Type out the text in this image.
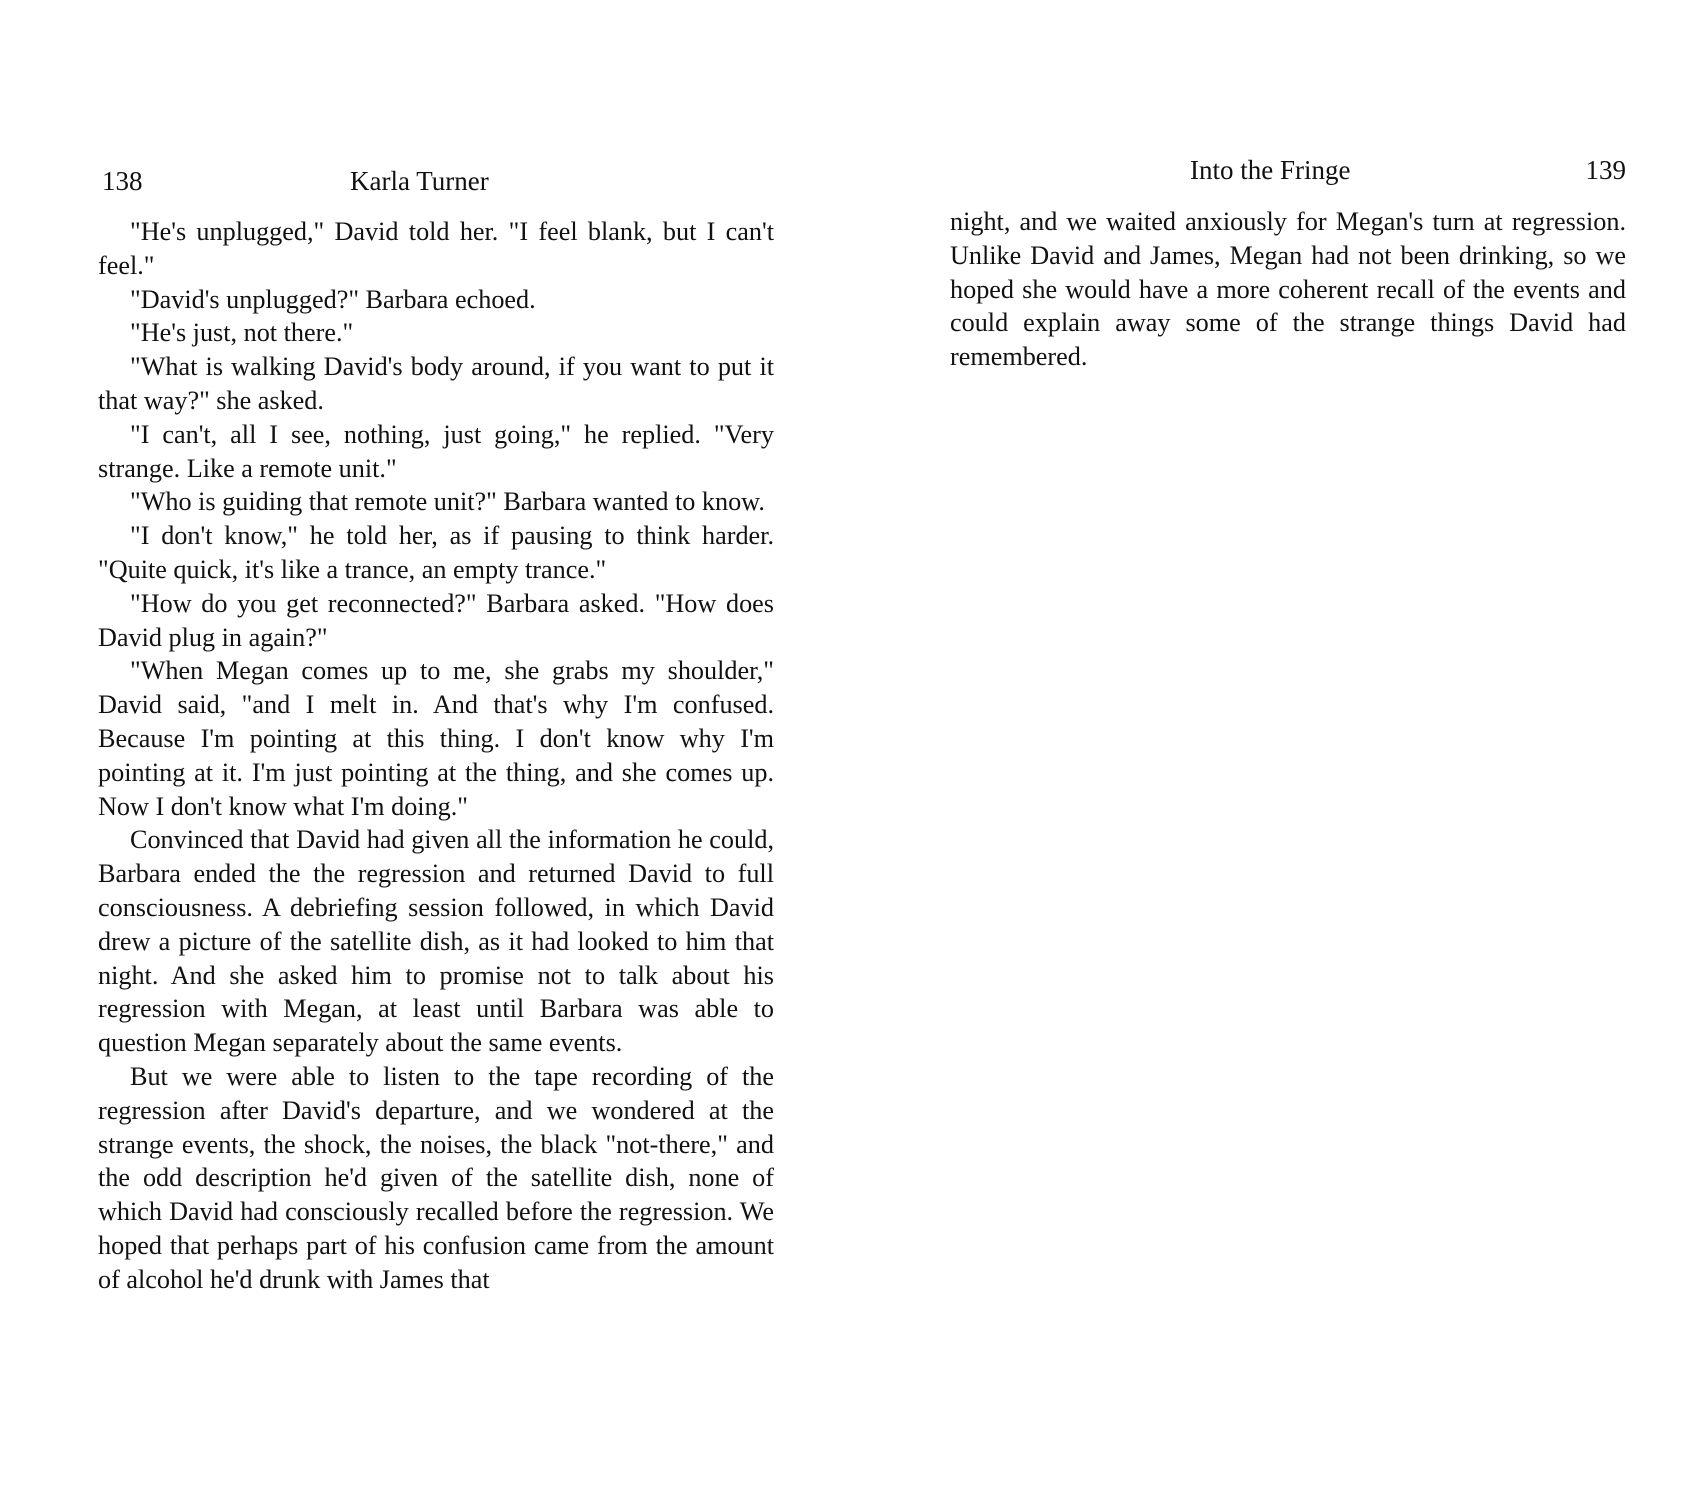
138	Karla Turner

"He's unplugged," David told her. "I feel blank, but I can't feel."

"David's unplugged?" Barbara echoed.

"He's just, not there."

"What is walking David's body around, if you want to put it that way?" she asked.

"I can't, all I see, nothing, just going," he replied. "Very strange. Like a remote unit."

"Who is guiding that remote unit?" Barbara wanted to know.

"I don't know," he told her, as if pausing to think harder. "Quite quick, it's like a trance, an empty trance."

"How do you get reconnected?" Barbara asked. "How does David plug in again?"

"When Megan comes up to me, she grabs my shoulder," David said, "and I melt in. And that's why I'm confused. Because I'm pointing at this thing. I don't know why I'm pointing at it. I'm just pointing at the thing, and she comes up. Now I don't know what I'm doing."

Convinced that David had given all the information he could, Barbara ended the the regression and returned David to full consciousness. A debriefing session followed, in which David drew a picture of the satellite dish, as it had looked to him that night. And she asked him to promise not to talk about his regression with Megan, at least until Barbara was able to question Megan separately about the same events.

But we were able to listen to the tape recording of the regression after David's departure, and we wondered at the strange events, the shock, the noises, the black "not-there," and the odd description he'd given of the satellite dish, none of which David had consciously recalled before the regression. We hoped that perhaps part of his confusion came from the amount of alcohol he'd drunk with James that

Into the Fringe	139

night, and we waited anxiously for Megan's turn at regression. Unlike David and James, Megan had not been drinking, so we hoped she would have a more coherent recall of the events and could explain away some of the strange things David had remembered.
